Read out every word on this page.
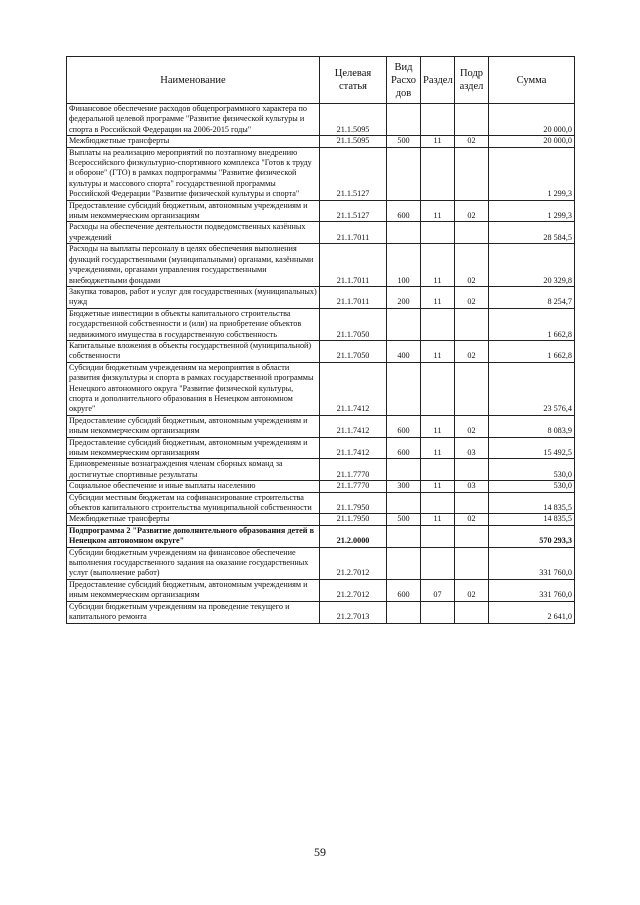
Наименование	Целевая статья	Вид Расхо дов	Раздел	Подр аздел	Сумма
Финансовое обеспечение расходов общепрограммного характера по федеральной целевой программе "Развитие физической культуры и спорта в Российской Федерации на 2006-2015 годы"	21.1.5095				20 000,0
Межбюджетные трансферты	21.1.5095	500	11	02	20 000,0
Выплаты на реализацию мероприятий по поэтапному внедрению Всероссийского физкультурно-спортивного комплекса "Готов к труду и обороне" (ГТО) в рамках подпрограммы "Развитие физической культуры и массового спорта" государственной программы Российской Федерации "Развитие физической культуры и спорта"	21.1.5127				1 299,3
Предоставление субсидий бюджетным, автономным учреждениям и иным некоммерческим организациям	21.1.5127	600	11	02	1 299,3
Расходы на обеспечение деятельности подведомственных казённых учреждений	21.1.7011				28 584,5
Расходы на выплаты персоналу в целях обеспечения выполнения функций государственными (муниципальными) органами, казёнными учреждениями, органами управления государственными внебюджетными фондами	21.1.7011	100	11	02	20 329,8
Закупка товаров, работ и услуг для государственных (муниципальных) нужд	21.1.7011	200	11	02	8 254,7
Бюджетные инвестиции в объекты капитального строительства государственной собственности и (или) на приобретение объектов недвижимого имущества в государственную собственность	21.1.7050				1 662,8
Капитальные вложения в объекты государственной (муниципальной) собственности	21.1.7050	400	11	02	1 662,8
Субсидии бюджетным учреждениям на мероприятия в области развития физкультуры и спорта в рамках государственной программы Ненецкого автономного округа "Развитие физической культуры, спорта и дополнительного образования в Ненецком автономном округе"	21.1.7412				23 576,4
Предоставление субсидий бюджетным, автономным учреждениям и иным некоммерческим организациям	21.1.7412	600	11	02	8 083,9
Предоставление субсидий бюджетным, автономным учреждениям и иным некоммерческим организациям	21.1.7412	600	11	03	15 492,5
Единовременные вознаграждения членам сборных команд за достигнутые спортивные результаты	21.1.7770				530,0
Социальное обеспечение и иные выплаты населению	21.1.7770	300	11	03	530,0
Субсидии местным бюджетам на софинансирование строительства объектов капитального строительства муниципальной собственности	21.1.7950				14 835,5
Межбюджетные трансферты	21.1.7950	500	11	02	14 835,5
Подпрограмма 2 "Развитие дополнительного образования детей в Ненецком автономном округе"	21.2.0000				570 293,3
Субсидии бюджетным учреждениям на финансовое обеспечение выполнения государственного задания на оказание государственных услуг (выполнение работ)	21.2.7012				331 760,0
Предоставление субсидий бюджетным, автономным учреждениям и иным некоммерческим организациям	21.2.7012	600	07	02	331 760,0
Субсидии бюджетным учреждениям на проведение текущего и капитального ремонта	21.2.7013				2 641,0
59
